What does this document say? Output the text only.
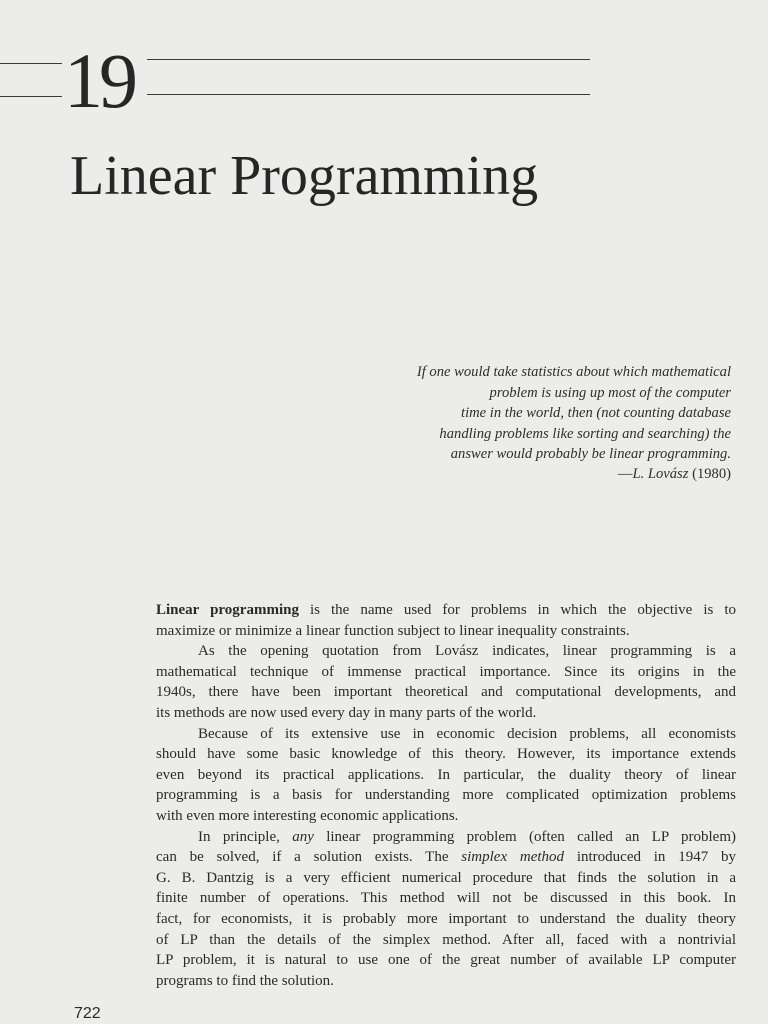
19
Linear Programming
If one would take statistics about which mathematical
problem is using up most of the computer
time in the world, then (not counting database
handling problems like sorting and searching) the
answer would probably be linear programming.
—L. Lovász (1980)
Linear programming is the name used for problems in which the objective is to
maximize or minimize a linear function subject to linear inequality constraints.
As the opening quotation from Lovász indicates, linear programming is a
mathematical technique of immense practical importance. Since its origins in the
1940s, there have been important theoretical and computational developments, and
its methods are now used every day in many parts of the world.
Because of its extensive use in economic decision problems, all economists
should have some basic knowledge of this theory. However, its importance extends
even beyond its practical applications. In particular, the duality theory of linear
programming is a basis for understanding more complicated optimization problems
with even more interesting economic applications.
In principle, any linear programming problem (often called an LP problem)
can be solved, if a solution exists. The simplex method introduced in 1947 by
G. B. Dantzig is a very efficient numerical procedure that finds the solution in a
finite number of operations. This method will not be discussed in this book. In
fact, for economists, it is probably more important to understand the duality theory
of LP than the details of the simplex method. After all, faced with a nontrivial
LP problem, it is natural to use one of the great number of available LP computer
programs to find the solution.
722
